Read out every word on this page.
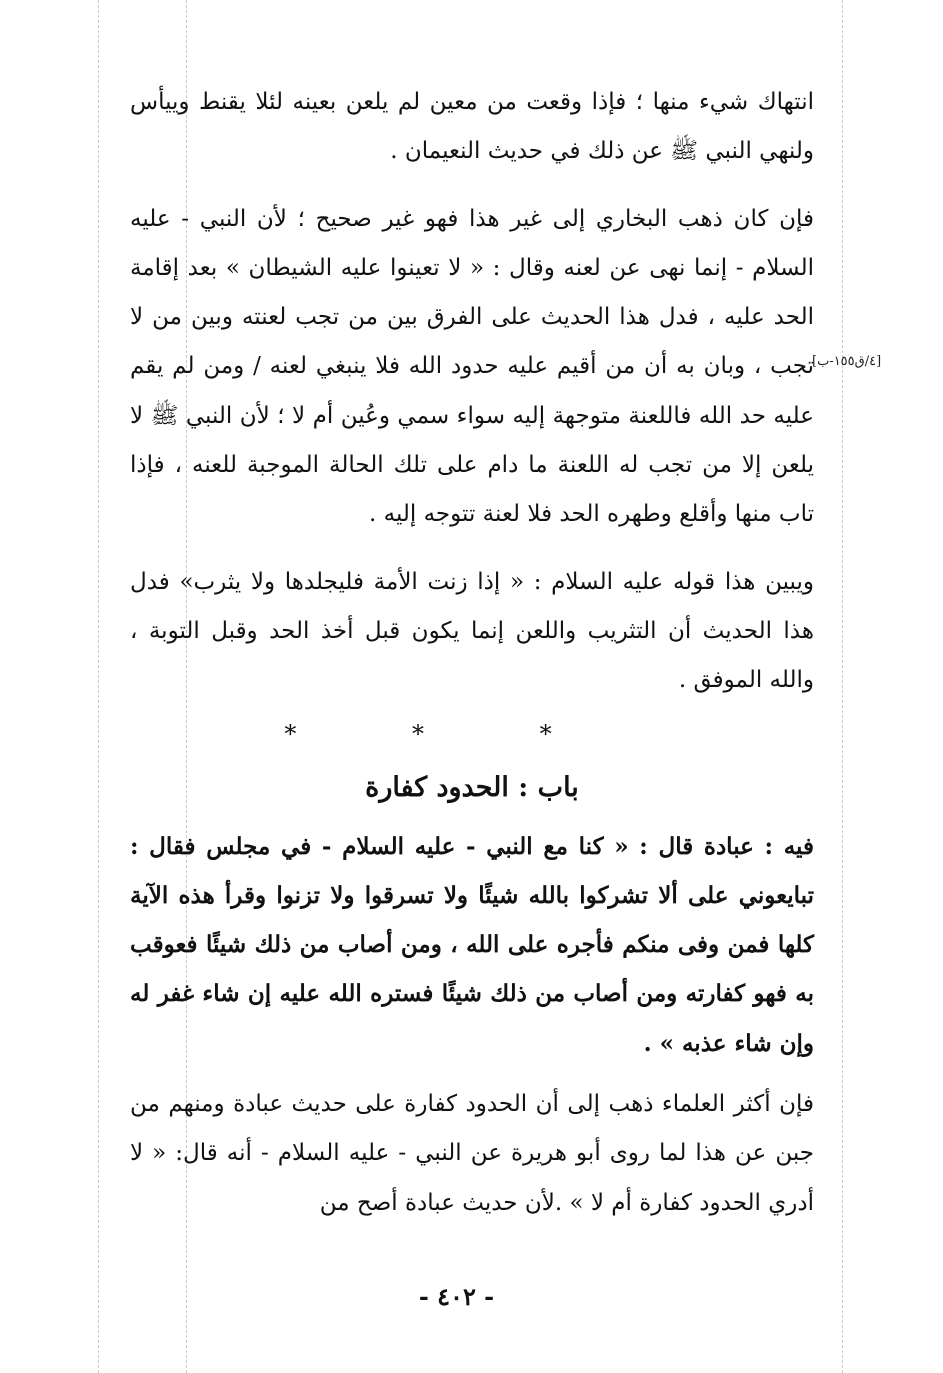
انتهاك شيء منها ؛ فإذا وقعت من معين لم يلعن بعينه لئلا يقنط وييأس ولنهي النبي ﷺ عن ذلك في حديث النعيمان .

فإن كان ذهب البخاري إلى غير هذا فهو غير صحيح ؛ لأن النبي - عليه السلام - إنما نهى عن لعنه وقال : « لا تعينوا عليه الشيطان » بعد إقامة الحد عليه ، فدل هذا الحديث على الفرق بين من تجب لعنته وبين من لا تجب ، وبان به أن من أقيم عليه حدود الله فلا ينبغي لعنه / ومن لم يقم عليه حد الله فاللعنة متوجهة إليه سواء سمي وعُين أم لا ؛ لأن النبي ﷺ لا يلعن إلا من تجب له اللعنة ما دام على تلك الحالة الموجبة للعنه ، فإذا تاب منها وأقلع وطهره الحد فلا لعنة تتوجه إليه .

ويبين هذا قوله عليه السلام : « إذا زنت الأمة فليجلدها ولا يثرب» فدل هذا الحديث أن التثريب واللعن إنما يكون قبل أخذ الحد وقبل التوبة ، والله الموفق .

* * *
باب : الحدود كفارة

فيه : عبادة قال : « كنا مع النبي - عليه السلام - في مجلس فقال : تبايعوني على ألا تشركوا بالله شيئًا ولا تسرقوا ولا تزنوا وقرأ هذه الآية كلها فمن وفى منكم فأجره على الله ، ومن أصاب من ذلك شيئًا فعوقب به فهو كفارته ومن أصاب من ذلك شيئًا فستره الله عليه إن شاء غفر له وإن شاء عذبه » .

فإن أكثر العلماء ذهب إلى أن الحدود كفارة على حديث عبادة ومنهم من جبن عن هذا لما روى أبو هريرة عن النبي - عليه السلام - أنه قال: « لا أدري الحدود كفارة أم لا » .لأن حديث عبادة أصح من

[٤/ق١٥٥-ب]
- ٤٠٢ -
